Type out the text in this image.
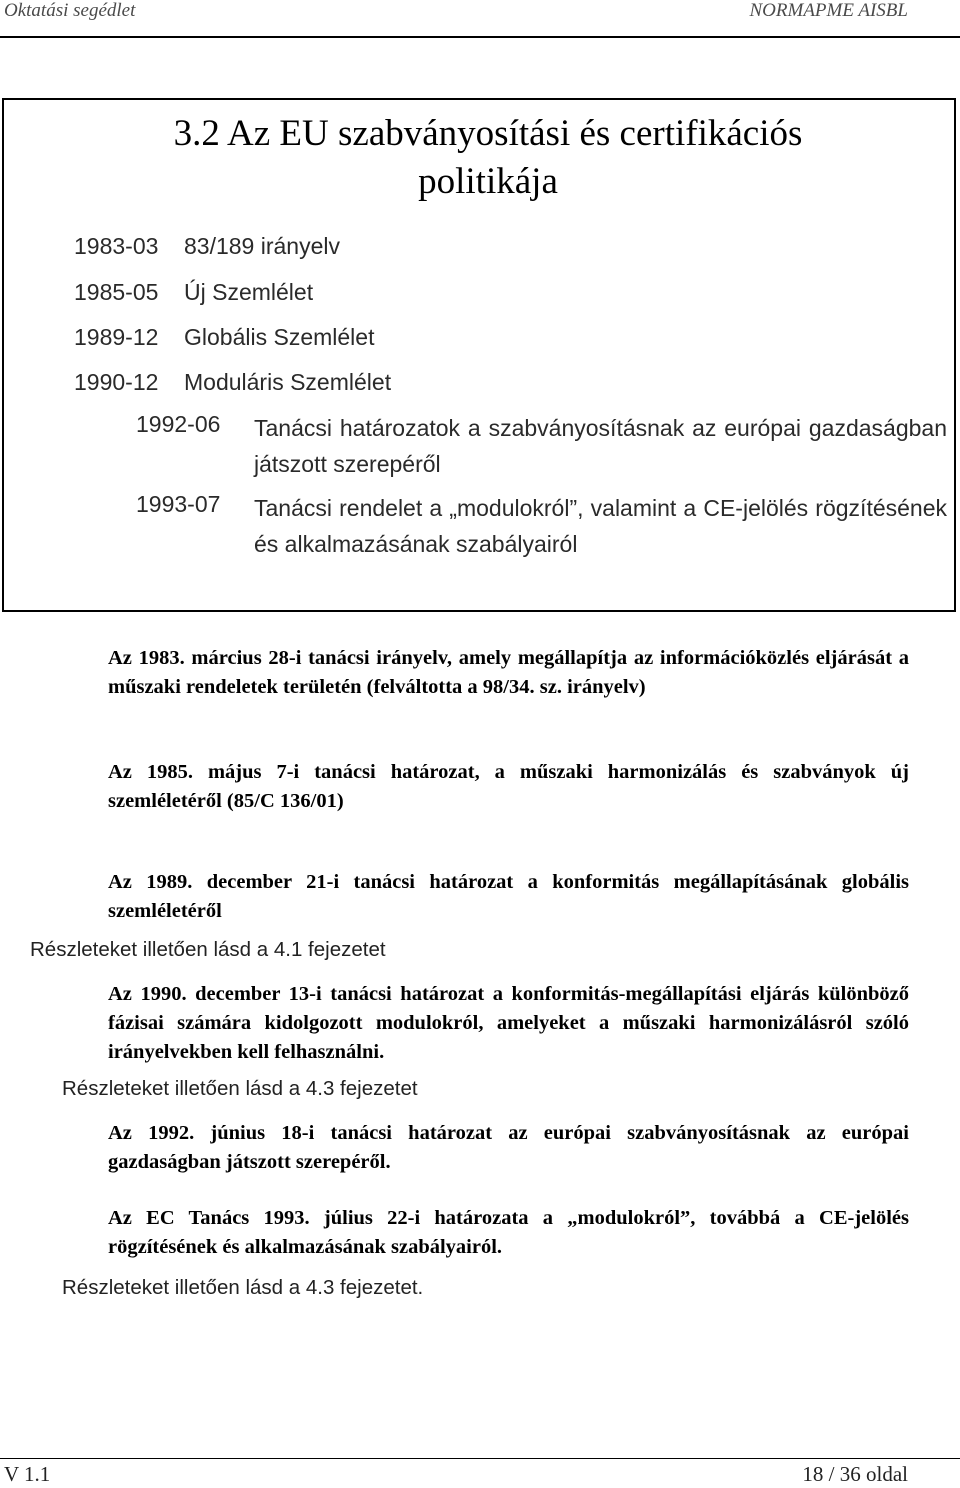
Oktatási segédlet	NORMAPME AISBL
3.2 Az EU szabványosítási és certifikációs
politikája
1983-03 83/189 irányelv
1985-05 Új Szemlélet
1989-12 Globális Szemlélet
1990-12 Moduláris Szemlélet
1992-06 Tanácsi határozatok a szabványosításnak az európai gazdaságban játszott szerepéről
1993-07 Tanácsi rendelet a „modulokról”, valamint a CE-jelölés rögzítésének és alkalmazásának szabályairól

Az 1983. március 28-i tanácsi irányelv, amely megállapítja az információközlés eljárását a műszaki rendeletek területén (felváltotta a 98/34. sz. irányelv)

Az 1985. május 7-i tanácsi határozat, a műszaki harmonizálás és szabványok új szemléletéről (85/C 136/01)

Az 1989. december 21-i tanácsi határozat a konformitás megállapításának globális szemléletéről

Részleteket illetően lásd a 4.1 fejezetet

Az 1990. december 13-i tanácsi határozat a konformitás-megállapítási eljárás különböző fázisai számára kidolgozott modulokról, amelyeket a műszaki harmonizálásról szóló irányelvekben kell felhasználni.

Részleteket illetően lásd a 4.3 fejezetet

Az 1992. június 18-i tanácsi határozat az európai szabványosításnak az európai gazdaságban játszott szerepéről.

Az EC Tanács 1993. július 22-i határozata a „modulokról”, továbbá a CE-jelölés rögzítésének és alkalmazásának szabályairól.

Részleteket illetően lásd a 4.3 fejezetet.

V 1.1	18 / 36 oldal
